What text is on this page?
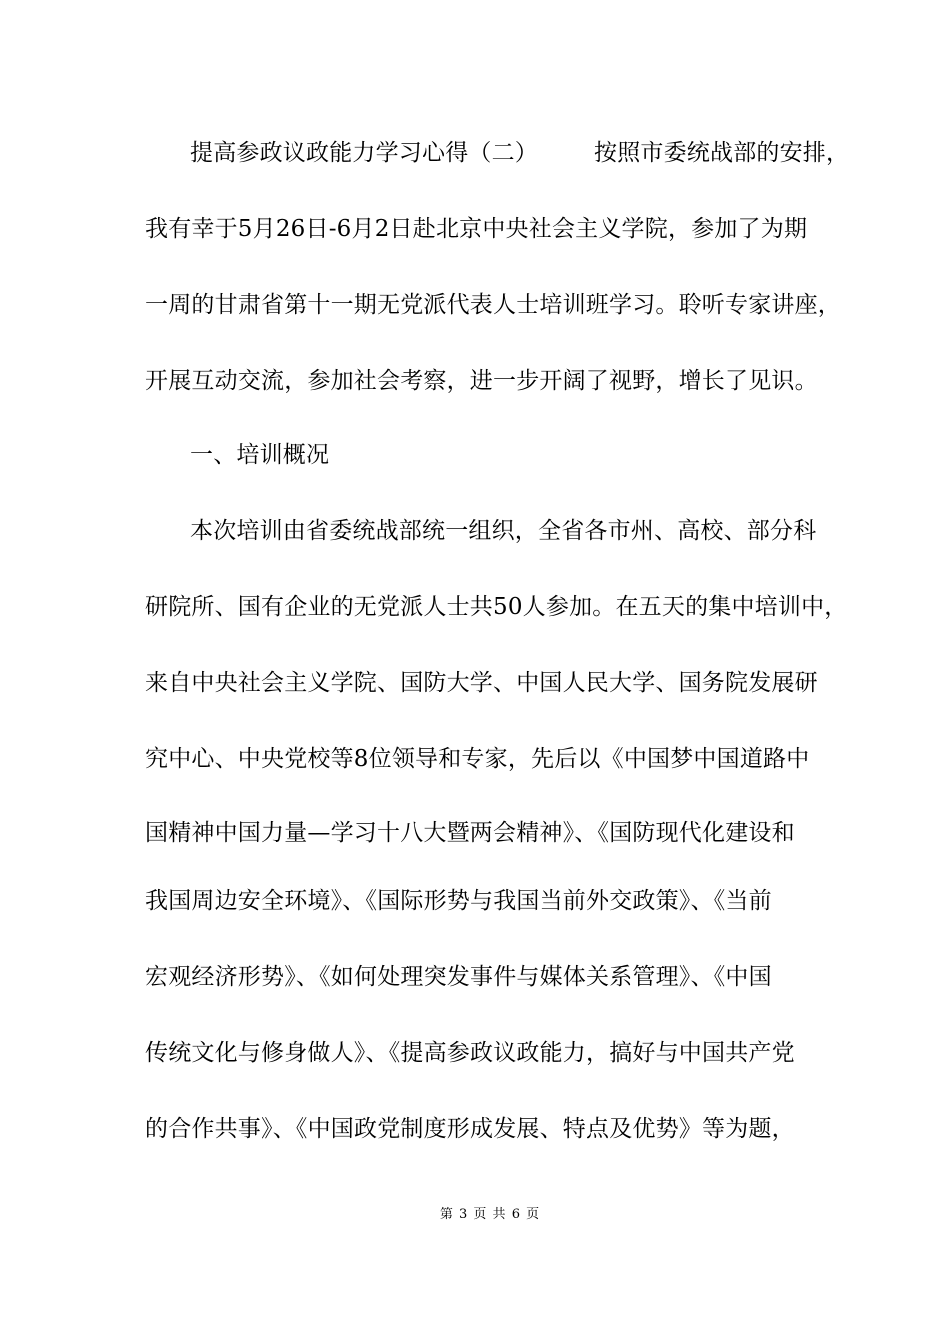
提高参政议政能力学习心得（二） 按照市委统战部的安排，
我有幸于5月26日-6月2日赴北京中央社会主义学院，参加了为期
一周的甘肃省第十一期无党派代表人士培训班学习。聆听专家讲座，
开展互动交流，参加社会考察，进一步开阔了视野，增长了见识。
一、培训概况
本次培训由省委统战部统一组织，全省各市州、高校、部分科
研院所、国有企业的无党派人士共50人参加。在五天的集中培训中，
来自中央社会主义学院、国防大学、中国人民大学、国务院发展研
究中心、中央党校等8位领导和专家，先后以《中国梦中国道路中
国精神中国力量—学习十八大暨两会精神》、《国防现代化建设和
我国周边安全环境》、《国际形势与我国当前外交政策》、《当前
宏观经济形势》、《如何处理突发事件与媒体关系管理》、《中国
传统文化与修身做人》、《提高参政议政能力，搞好与中国共产党
的合作共事》、《中国政党制度形成发展、特点及优势》等为题，
第 3 页 共 6 页
